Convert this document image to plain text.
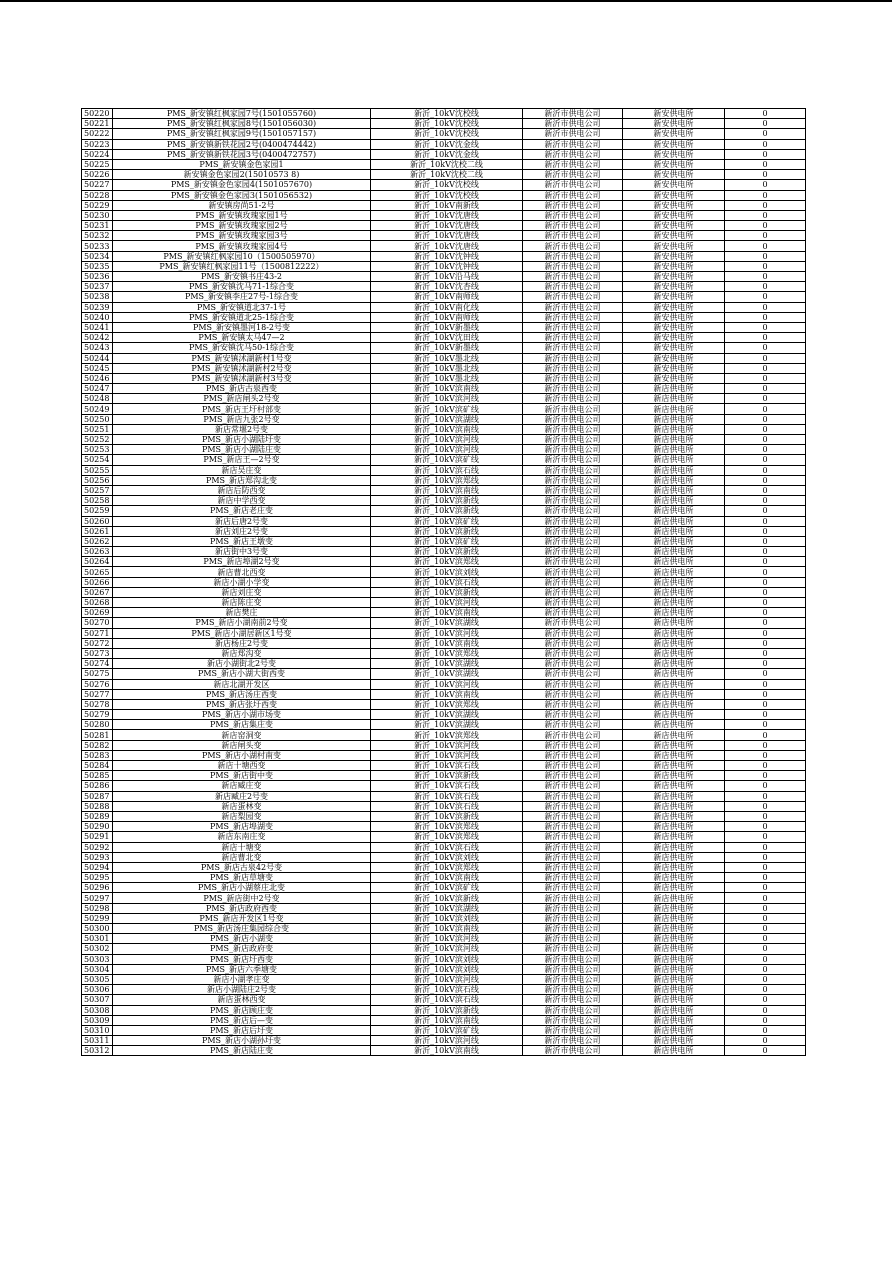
50220	PMS_新安镇红枫家园7号(1501055760)	新沂_10kV沈校线	新沂市供电公司	新安供电所	0
50221	PMS_新安镇红枫家园8号(1501056030)	新沂_10kV沈校线	新沂市供电公司	新安供电所	0
50222	PMS_新安镇红枫家园9号(1501057157)	新沂_10kV沈校线	新沂市供电公司	新安供电所	0
50223	PMS_新安镇新铁花园2号(0400474442)	新沂_10kV沈金线	新沂市供电公司	新安供电所	0
50224	PMS_新安镇新铁花园3号(0400472757)	新沂_10kV沈金线	新沂市供电公司	新安供电所	0
50225	PMS_新安镇金色家园1	新沂_10kV沈校二线	新沂市供电公司	新安供电所	0
50226	新安镇金色家园2(15010573 8)	新沂_10kV沈校二线	新沂市供电公司	新安供电所	0
50227	PMS_新安镇金色家园4(1501057670)	新沂_10kV沈校线	新沂市供电公司	新安供电所	0
50228	PMS_新安镇金色家园3(1501056532)	新沂_10kV沈校线	新沂市供电公司	新安供电所	0
50229	新安镇房尚51-2号	新沂_10kV南新线	新沂市供电公司	新安供电所	0
50230	PMS_新安镇玫瑰家园1号	新沂_10kV沈唐线	新沂市供电公司	新安供电所	0
50231	PMS_新安镇玫瑰家园2号	新沂_10kV沈唐线	新沂市供电公司	新安供电所	0
50232	PMS_新安镇玫瑰家园3号	新沂_10kV沈唐线	新沂市供电公司	新安供电所	0
50233	PMS_新安镇玫瑰家园4号	新沂_10kV沈唐线	新沂市供电公司	新安供电所	0
50234	PMS_新安镇红枫家园10（1500505970）	新沂_10kV沈钟线	新沂市供电公司	新安供电所	0
50235	PMS_新安镇红枫家园11号（1500812222）	新沂_10kV沈钟线	新沂市供电公司	新安供电所	0
50236	PMS_新安镇书庄43-2	新沂_10kV沿马线	新沂市供电公司	新安供电所	0
50237	PMS_新安镇沈马71-1综合变	新沂_10kV沈杏线	新沂市供电公司	新安供电所	0
50238	PMS_新安镇李庄27号-1综合变	新沂_10kV南师线	新沂市供电公司	新安供电所	0
50239	PMS_新安镇道北37-1号	新沂_10kV南化线	新沂市供电公司	新安供电所	0
50240	PMS_新安镇道北25-1综合变	新沂_10kV南师线	新沂市供电公司	新安供电所	0
50241	PMS_新安镇墨河18-2号变	新沂_10kV新墨线	新沂市供电公司	新安供电所	0
50242	PMS_新安镇太马47—2	新沂_10kV沈田线	新沂市供电公司	新安供电所	0
50243	PMS_新安镇沈马50-1综合变	新沂_10kV新墨线	新沂市供电公司	新安供电所	0
50244	PMS_新安镇沭湖新村1号变	新沂_10kV墨北线	新沂市供电公司	新安供电所	0
50245	PMS_新安镇沭湖新村2号变	新沂_10kV墨北线	新沂市供电公司	新安供电所	0
50246	PMS_新安镇沭湖新村3号变	新沂_10kV墨北线	新沂市供电公司	新安供电所	0
50247	PMS_新店古泉西变	新沂_10kV滨南线	新沂市供电公司	新店供电所	0
50248	PMS_新店闸头2号变	新沂_10kV滨河线	新沂市供电公司	新店供电所	0
50249	PMS_新店王圩村部变	新沂_10kV滨矿线	新沂市供电公司	新店供电所	0
50250	PMS_新店九张2号变	新沂_10kV滨湖线	新沂市供电公司	新店供电所	0
50251	新店常堰2号变	新沂_10kV滨南线	新沂市供电公司	新店供电所	0
50252	PMS_新店小湖陆圩变	新沂_10kV滨河线	新沂市供电公司	新店供电所	0
50253	PMS_新店小湖陆庄变	新沂_10kV滨河线	新沂市供电公司	新店供电所	0
50254	PMS_新店王—2号变	新沂_10kV滨矿线	新沂市供电公司	新店供电所	0
50255	新店吴庄变	新沂_10kV滨石线	新沂市供电公司	新店供电所	0
50256	PMS_新店郑沟北变	新沂_10kV滨郑线	新沂市供电公司	新店供电所	0
50257	新店后防西变	新沂_10kV滨南线	新沂市供电公司	新店供电所	0
50258	新店中学西变	新沂_10kV滨新线	新沂市供电公司	新店供电所	0
50259	PMS_新店老庄变	新沂_10kV滨新线	新沂市供电公司	新店供电所	0
50260	新店后唐2号变	新沂_10kV滨矿线	新沂市供电公司	新店供电所	0
50261	新店刘庄2号变	新沂_10kV滨新线	新沂市供电公司	新店供电所	0
50262	PMS_新店王墩变	新沂_10kV滨矿线	新沂市供电公司	新店供电所	0
50263	新店街中3号变	新沂_10kV滨新线	新沂市供电公司	新店供电所	0
50264	PMS_新店埠湖2号变	新沂_10kV滨郑线	新沂市供电公司	新店供电所	0
50265	新店曹北西变	新沂_10kV滨刘线	新沂市供电公司	新店供电所	0
50266	新店小湖小学变	新沂_10kV滨石线	新沂市供电公司	新店供电所	0
50267	新店刘庄变	新沂_10kV滨新线	新沂市供电公司	新店供电所	0
50268	新店陈庄变	新沂_10kV滨河线	新沂市供电公司	新店供电所	0
50269	新店樊庄	新沂_10kV滨南线	新沂市供电公司	新店供电所	0
50270	PMS_新店小湖南前2号变	新沂_10kV滨湖线	新沂市供电公司	新店供电所	0
50271	PMS_新店小湖居新区1号变	新沂_10kV滨河线	新沂市供电公司	新店供电所	0
50272	新店杨庄2号变	新沂_10kV滨南线	新沂市供电公司	新店供电所	0
50273	新店郑沟变	新沂_10kV滨郑线	新沂市供电公司	新店供电所	0
50274	新店小湖街北2号变	新沂_10kV滨湖线	新沂市供电公司	新店供电所	0
50275	PMS_新店小湖大街西变	新沂_10kV滨湖线	新沂市供电公司	新店供电所	0
50276	新店北湖开发区	新沂_10kV滨河线	新沂市供电公司	新店供电所	0
50277	PMS_新店汤庄西变	新沂_10kV滨南线	新沂市供电公司	新店供电所	0
50278	PMS_新店张圩西变	新沂_10kV滨郑线	新沂市供电公司	新店供电所	0
50279	PMS_新店小湖市场变	新沂_10kV滨湖线	新沂市供电公司	新店供电所	0
50280	PMS_新店集庄变	新沂_10kV滨湖线	新沂市供电公司	新店供电所	0
50281	新店窑洞变	新沂_10kV滨郑线	新沂市供电公司	新店供电所	0
50282	新店闸头变	新沂_10kV滨河线	新沂市供电公司	新店供电所	0
50283	PMS_新店小湖村南变	新沂_10kV滨河线	新沂市供电公司	新店供电所	0
50284	新店十塘西变	新沂_10kV滨石线	新沂市供电公司	新店供电所	0
50285	PMS_新店街中变	新沂_10kV滨新线	新沂市供电公司	新店供电所	0
50286	新店臧庄变	新沂_10kV滨石线	新沂市供电公司	新店供电所	0
50287	新店臧庄2号变	新沂_10kV滨石线	新沂市供电公司	新店供电所	0
50288	新店蛋林变	新沂_10kV滨石线	新沂市供电公司	新店供电所	0
50289	新店梨园变	新沂_10kV滨新线	新沂市供电公司	新店供电所	0
50290	PMS_新店埠湖变	新沂_10kV滨郑线	新沂市供电公司	新店供电所	0
50291	新店东南庄变	新沂_10kV滨郑线	新沂市供电公司	新店供电所	0
50292	新店十塘变	新沂_10kV滨石线	新沂市供电公司	新店供电所	0
50293	新店曹北变	新沂_10kV滨刘线	新沂市供电公司	新店供电所	0
50294	PMS_新店古泉42号变	新沂_10kV滨郑线	新沂市供电公司	新店供电所	0
50295	PMS_新店草塘变	新沂_10kV滨南线	新沂市供电公司	新店供电所	0
50296	PMS_新店小湖蔡庄北变	新沂_10kV滨矿线	新沂市供电公司	新店供电所	0
50297	PMS_新店街中2号变	新沂_10kV滨新线	新沂市供电公司	新店供电所	0
50298	PMS_新店政府西变	新沂_10kV滨湖线	新沂市供电公司	新店供电所	0
50299	PMS_新店开发区1号变	新沂_10kV滨刘线	新沂市供电公司	新店供电所	0
50300	PMS_新店汤庄集园综合变	新沂_10kV滨南线	新沂市供电公司	新店供电所	0
50301	PMS_新店小湖变	新沂_10kV滨河线	新沂市供电公司	新店供电所	0
50302	PMS_新店政府变	新沂_10kV滨河线	新沂市供电公司	新店供电所	0
50303	PMS_新店圩西变	新沂_10kV滨刘线	新沂市供电公司	新店供电所	0
50304	PMS_新店六季塘变	新沂_10kV滨刘线	新沂市供电公司	新店供电所	0
50305	新店小湖孝庄变	新沂_10kV滨河线	新沂市供电公司	新店供电所	0
50306	新店小湖陆庄2号变	新沂_10kV滨石线	新沂市供电公司	新店供电所	0
50307	新店蛋林西变	新沂_10kV滨石线	新沂市供电公司	新店供电所	0
50308	PMS_新店顾庄变	新沂_10kV滨新线	新沂市供电公司	新店供电所	0
50309	PMS_新店后—变	新沂_10kV滨南线	新沂市供电公司	新店供电所	0
50310	PMS_新店后圩变	新沂_10kV滨矿线	新沂市供电公司	新店供电所	0
50311	PMS_新店小湖孙圩变	新沂_10kV滨河线	新沂市供电公司	新店供电所	0
50312	PMS_新店陆庄变	新沂_10kV滨南线	新沂市供电公司	新店供电所	0
